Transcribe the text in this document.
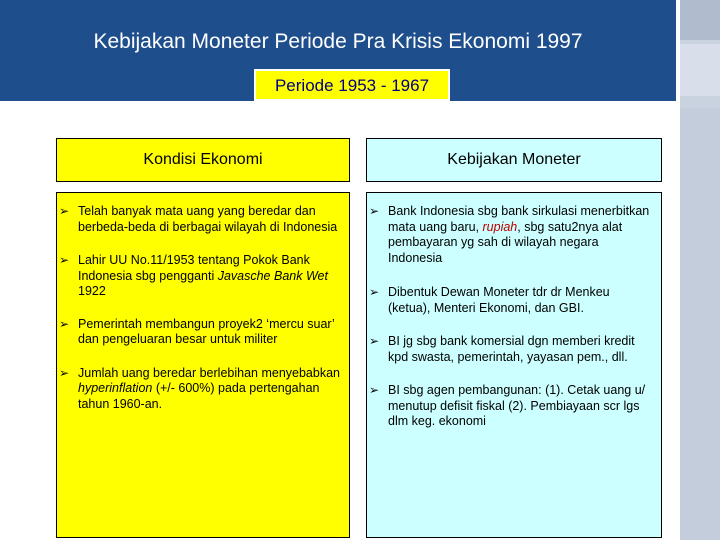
Kebijakan Moneter Periode Pra Krisis Ekonomi 1997
Periode 1953 - 1967
Kondisi Ekonomi
➢ Telah banyak mata uang yang beredar dan berbeda-beda di berbagai wilayah di Indonesia
➢ Lahir UU No.11/1953 tentang Pokok Bank Indonesia sbg pengganti Javasche Bank Wet 1922
➢ Pemerintah membangun proyek2 ‘mercu suar’ dan pengeluaran besar untuk militer
➢ Jumlah uang beredar berlebihan menyebabkan hyperinflation (+/- 600%) pada pertengahan tahun 1960-an.
Kebijakan Moneter
➢ Bank Indonesia sbg bank sirkulasi menerbitkan mata uang baru, rupiah, sbg satu2nya alat pembayaran yg sah di wilayah negara Indonesia
➢ Dibentuk Dewan Moneter tdr dr Menkeu (ketua), Menteri Ekonomi, dan GBI.
➢ BI jg sbg bank komersial dgn memberi kredit kpd swasta, pemerintah, yayasan pem., dll.
➢ BI sbg agen pembangunan: (1). Cetak uang u/ menutup defisit fiskal (2). Pembiayaan scr lgs dlm keg. ekonomi
